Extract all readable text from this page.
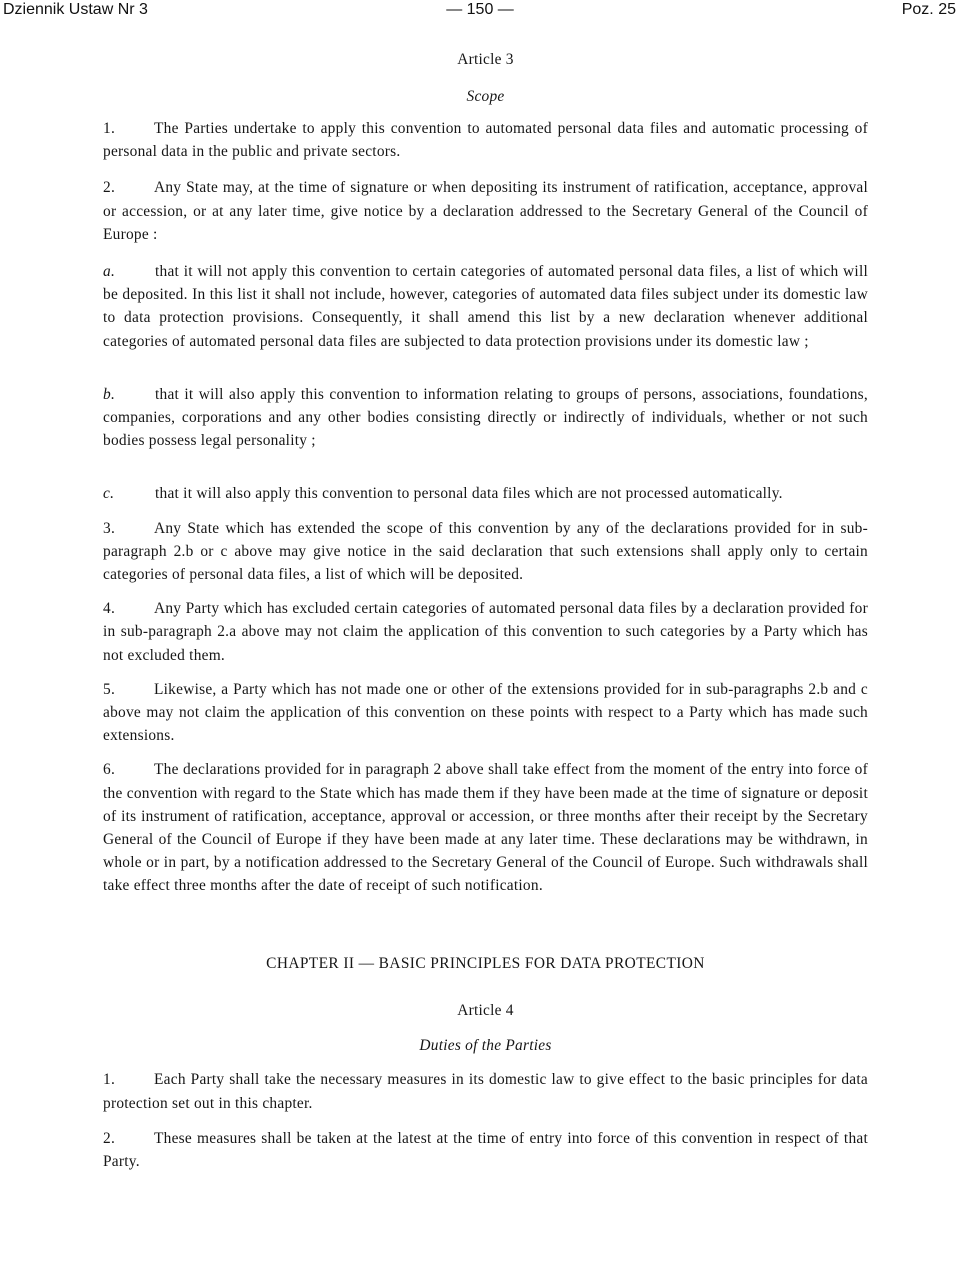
Dziennik Ustaw Nr 3	— 150 —	Poz. 25
Article 3
Scope

1.	The Parties undertake to apply this convention to automated personal data files and automatic processing of personal data in the public and private sectors.

2.	Any State may, at the time of signature or when depositing its instrument of ratification, acceptance, approval or accession, or at any later time, give notice by a declaration addressed to the Secretary General of the Council of Europe :

a.	that it will not apply this convention to certain categories of automated personal data files, a list of which will be deposited. In this list it shall not include, however, categories of automated data files subject under its domestic law to data protection provisions. Consequently, it shall amend this list by a new declaration whenever additional categories of automated personal data files are subjected to data protection provisions under its domestic law ;

b.	that it will also apply this convention to information relating to groups of persons, associations, foundations, companies, corporations and any other bodies consisting directly or indirectly of individuals, whether or not such bodies possess legal personality ;

c.	that it will also apply this convention to personal data files which are not processed automatically.

3.	Any State which has extended the scope of this convention by any of the declarations provided for in sub-paragraph 2.b or c above may give notice in the said declaration that such extensions shall apply only to certain categories of personal data files, a list of which will be deposited.

4.	Any Party which has excluded certain categories of automated personal data files by a declaration provided for in sub-paragraph 2.a above may not claim the application of this convention to such categories by a Party which has not excluded them.

5.	Likewise, a Party which has not made one or other of the extensions provided for in sub-paragraphs 2.b and c above may not claim the application of this convention on these points with respect to a Party which has made such extensions.

6.	The declarations provided for in paragraph 2 above shall take effect from the moment of the entry into force of the convention with regard to the State which has made them if they have been made at the time of signature or deposit of its instrument of ratification, acceptance, approval or accession, or three months after their receipt by the Secretary General of the Council of Europe if they have been made at any later time. These declarations may be withdrawn, in whole or in part, by a notification addressed to the Secretary General of the Council of Europe. Such withdrawals shall take effect three months after the date of receipt of such notification.

CHAPTER II — BASIC PRINCIPLES FOR DATA PROTECTION
Article 4
Duties of the Parties

1.	Each Party shall take the necessary measures in its domestic law to give effect to the basic principles for data protection set out in this chapter.

2.	These measures shall be taken at the latest at the time of entry into force of this convention in respect of that Party.
